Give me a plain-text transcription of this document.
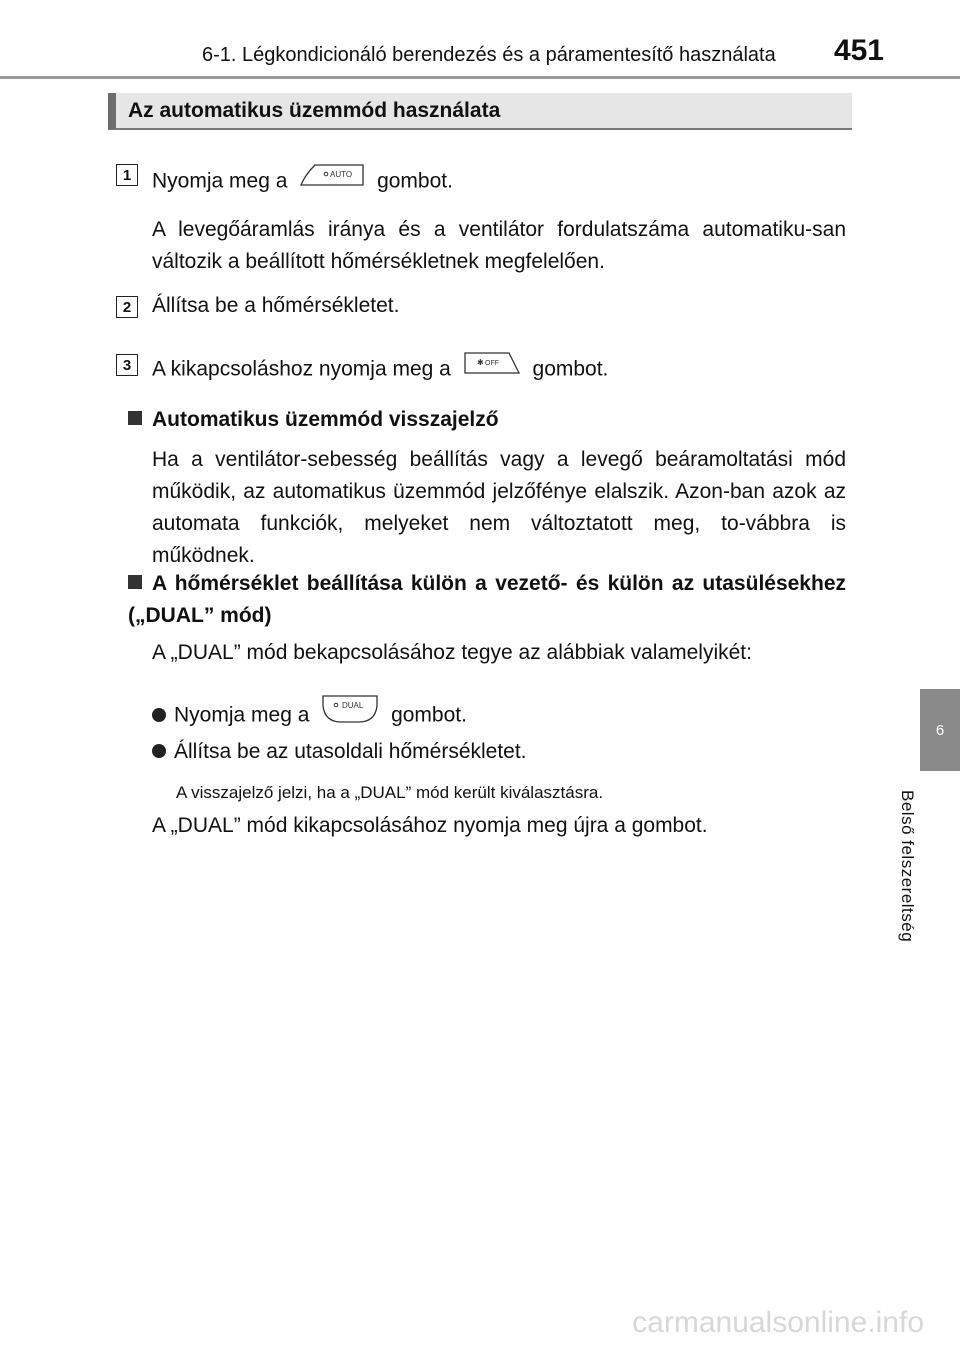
6-1. Légkondicionáló berendezés és a páramentesítő használata 451
6
Belső felszereltség
Az automatikus üzemmód használata
1 Nyomja meg a	AUTO gombot.
A levegőáramlás iránya és a ventilátor fordulatszáma automatiku-san változik a beállított hőmérsékletnek megfelelően.
2 Állítsa be a hőmérsékletet.
3 A kikapcsoláshoz nyomja meg a	✱ OFF gombot.
Automatikus üzemmód visszajelző
Ha a ventilátor-sebesség beállítás vagy a levegő beáramoltatási mód működik, az automatikus üzemmód jelzőfénye elalszik. Azon-ban azok az automata funkciók, melyeket nem változtatott meg, to-vábbra is működnek.
A hőmérséklet beállítása külön a vezető- és külön az utasülésekhez („DUAL” mód)
A „DUAL” mód bekapcsolásához tegye az alábbiak valamelyikét:
Nyomja meg a	DUAL gombot.
Állítsa be az utasoldali hőmérsékletet.
A visszajelző jelzi, ha a „DUAL” mód került kiválasztásra.
A „DUAL” mód kikapcsolásához nyomja meg újra a gombot.
carmanualsonline.info
